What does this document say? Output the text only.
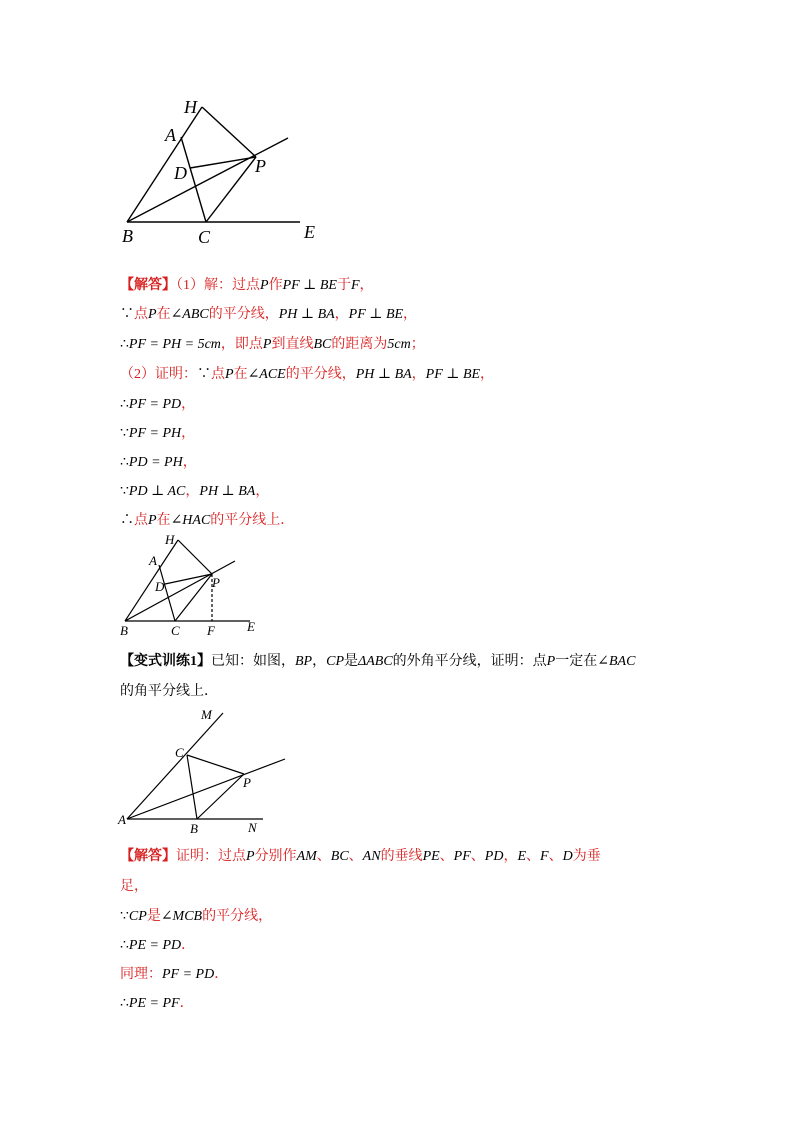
H
A
D	P
B	C	E
【解答】（1）解：过点P作PF ⊥ BE于F，
∵点P在∠ABC的平分线，PH ⊥ BA，PF ⊥ BE，
∴PF = PH = 5cm，即点P到直线BC的距离为5cm；
（2）证明：∵点P在∠ACE的平分线，PH ⊥ BA，PF ⊥ BE，
∴PF = PD，
∵PF = PH，
∴PD = PH，
∵PD ⊥ AC，PH ⊥ BA，
∴点P在∠HAC的平分线上．
H
A
D	P
B	C F E
【变式训练1】已知：如图，BP，CP是ΔABC的外角平分线，证明：点P一定在∠BAC
的角平分线上．
M
C
P
A
B	N
【解答】证明：过点P分别作AM、BC、AN的垂线PE、PF、PD，E、F、D为垂
足，
∵CP是∠MCB的平分线，
∴PE = PD．
同理：PF = PD．
∴PE = PF．
